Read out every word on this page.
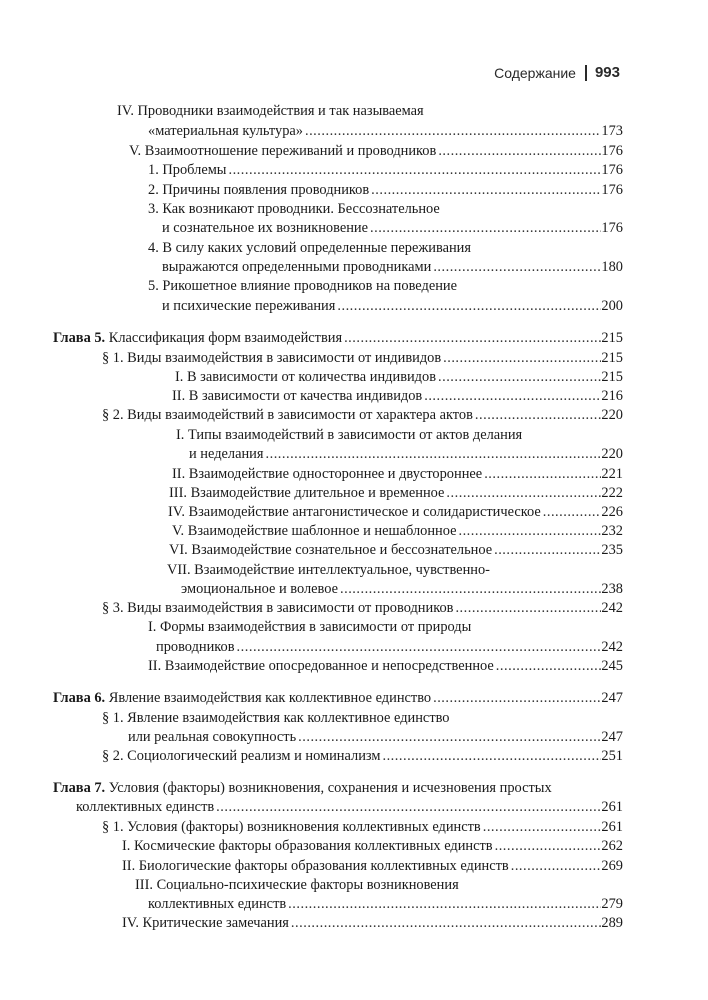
Содержание 993
IV. Проводники взаимодействия и так называемая
«материальная культура» .....	173
V. Взаимоотношение переживаний и проводников .....	176
1. Проблемы .....	176
2. Причины появления проводников .....	176
3. Как возникают проводники. Бессознательное
и сознательное их возникновение .....	176
4. В силу каких условий определенные переживания
выражаются определенными проводниками .....	180
5. Рикошетное влияние проводников на поведение
и психические переживания .....	200
Глава 5. Классификация форм взаимодействия .....	215
§ 1. Виды взаимодействия в зависимости от индивидов .....	215
I. В зависимости от количества индивидов .....	215
II. В зависимости от качества индивидов .....	216
§ 2. Виды взаимодействий в зависимости от характера актов .....	220
I. Типы взаимодействий в зависимости от актов делания
и неделания .....	220
II. Взаимодействие одностороннее и двустороннее .....	221
III. Взаимодействие длительное и временное .....	222
IV. Взаимодействие антагонистическое и солидаристическое .....	226
V. Взаимодействие шаблонное и нешаблонное .....	232
VI. Взаимодействие сознательное и бессознательное .....	235
VII. Взаимодействие интеллектуальное, чувственно-
эмоциональное и волевое .....	238
§ 3. Виды взаимодействия в зависимости от проводников .....	242
I. Формы взаимодействия в зависимости от природы
проводников .....	242
II. Взаимодействие опосредованное и непосредственное .....	245
Глава 6. Явление взаимодействия как коллективное единство .....	247
§ 1. Явление взаимодействия как коллективное единство
или реальная совокупность .....	247
§ 2. Социологический реализм и номинализм .....	251
Глава 7. Условия (факторы) возникновения, сохранения и исчезновения простых
коллективных единств .....	261
§ 1. Условия (факторы) возникновения коллективных единств .....	261
I. Космические факторы образования коллективных единств .....	262
II. Биологические факторы образования коллективных единств .....	269
III. Социально-психические факторы возникновения
коллективных единств .....	279
IV. Критические замечания .....	289
